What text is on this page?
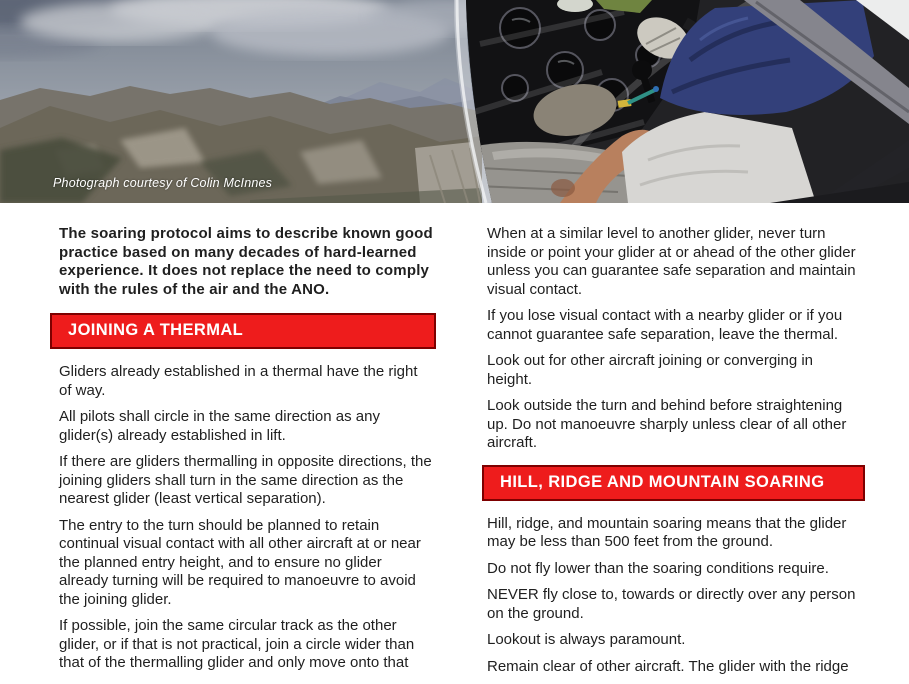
Photograph courtesy of Colin McInnes

The soaring protocol aims to describe known good practice based on many decades of hard-learned experience. It does not replace the need to comply with the rules of the air and the ANO.

JOINING A THERMAL

Gliders already established in a thermal have the right of way.

All pilots shall circle in the same direction as any glider(s) already established in lift.

If there are gliders thermalling in opposite directions, the joining gliders shall turn in the same direction as the nearest glider (least vertical separation).

The entry to the turn should be planned to retain continual visual contact with all other aircraft at or near the planned entry height, and to ensure no glider already turning will be required to manoeuvre to avoid the joining glider.

If possible, join the same circular track as the other glider, or if that is not practical, join a circle wider than that of the thermalling glider and only move onto that

When at a similar level to another glider, never turn inside or point your glider at or ahead of the other glider unless you can guarantee safe separation and maintain visual contact.

If you lose visual contact with a nearby glider or if you cannot guarantee safe separation, leave the thermal.

Look out for other aircraft joining or converging in height.

Look outside the turn and behind before straightening up. Do not manoeuvre sharply unless clear of all other aircraft.

HILL, RIDGE AND MOUNTAIN SOARING

Hill, ridge, and mountain soaring means that the glider may be less than 500 feet from the ground.

Do not fly lower than the soaring conditions require.

NEVER fly close to, towards or directly over any person on the ground.

Lookout is always paramount.

Remain clear of other aircraft. The glider with the ridge
